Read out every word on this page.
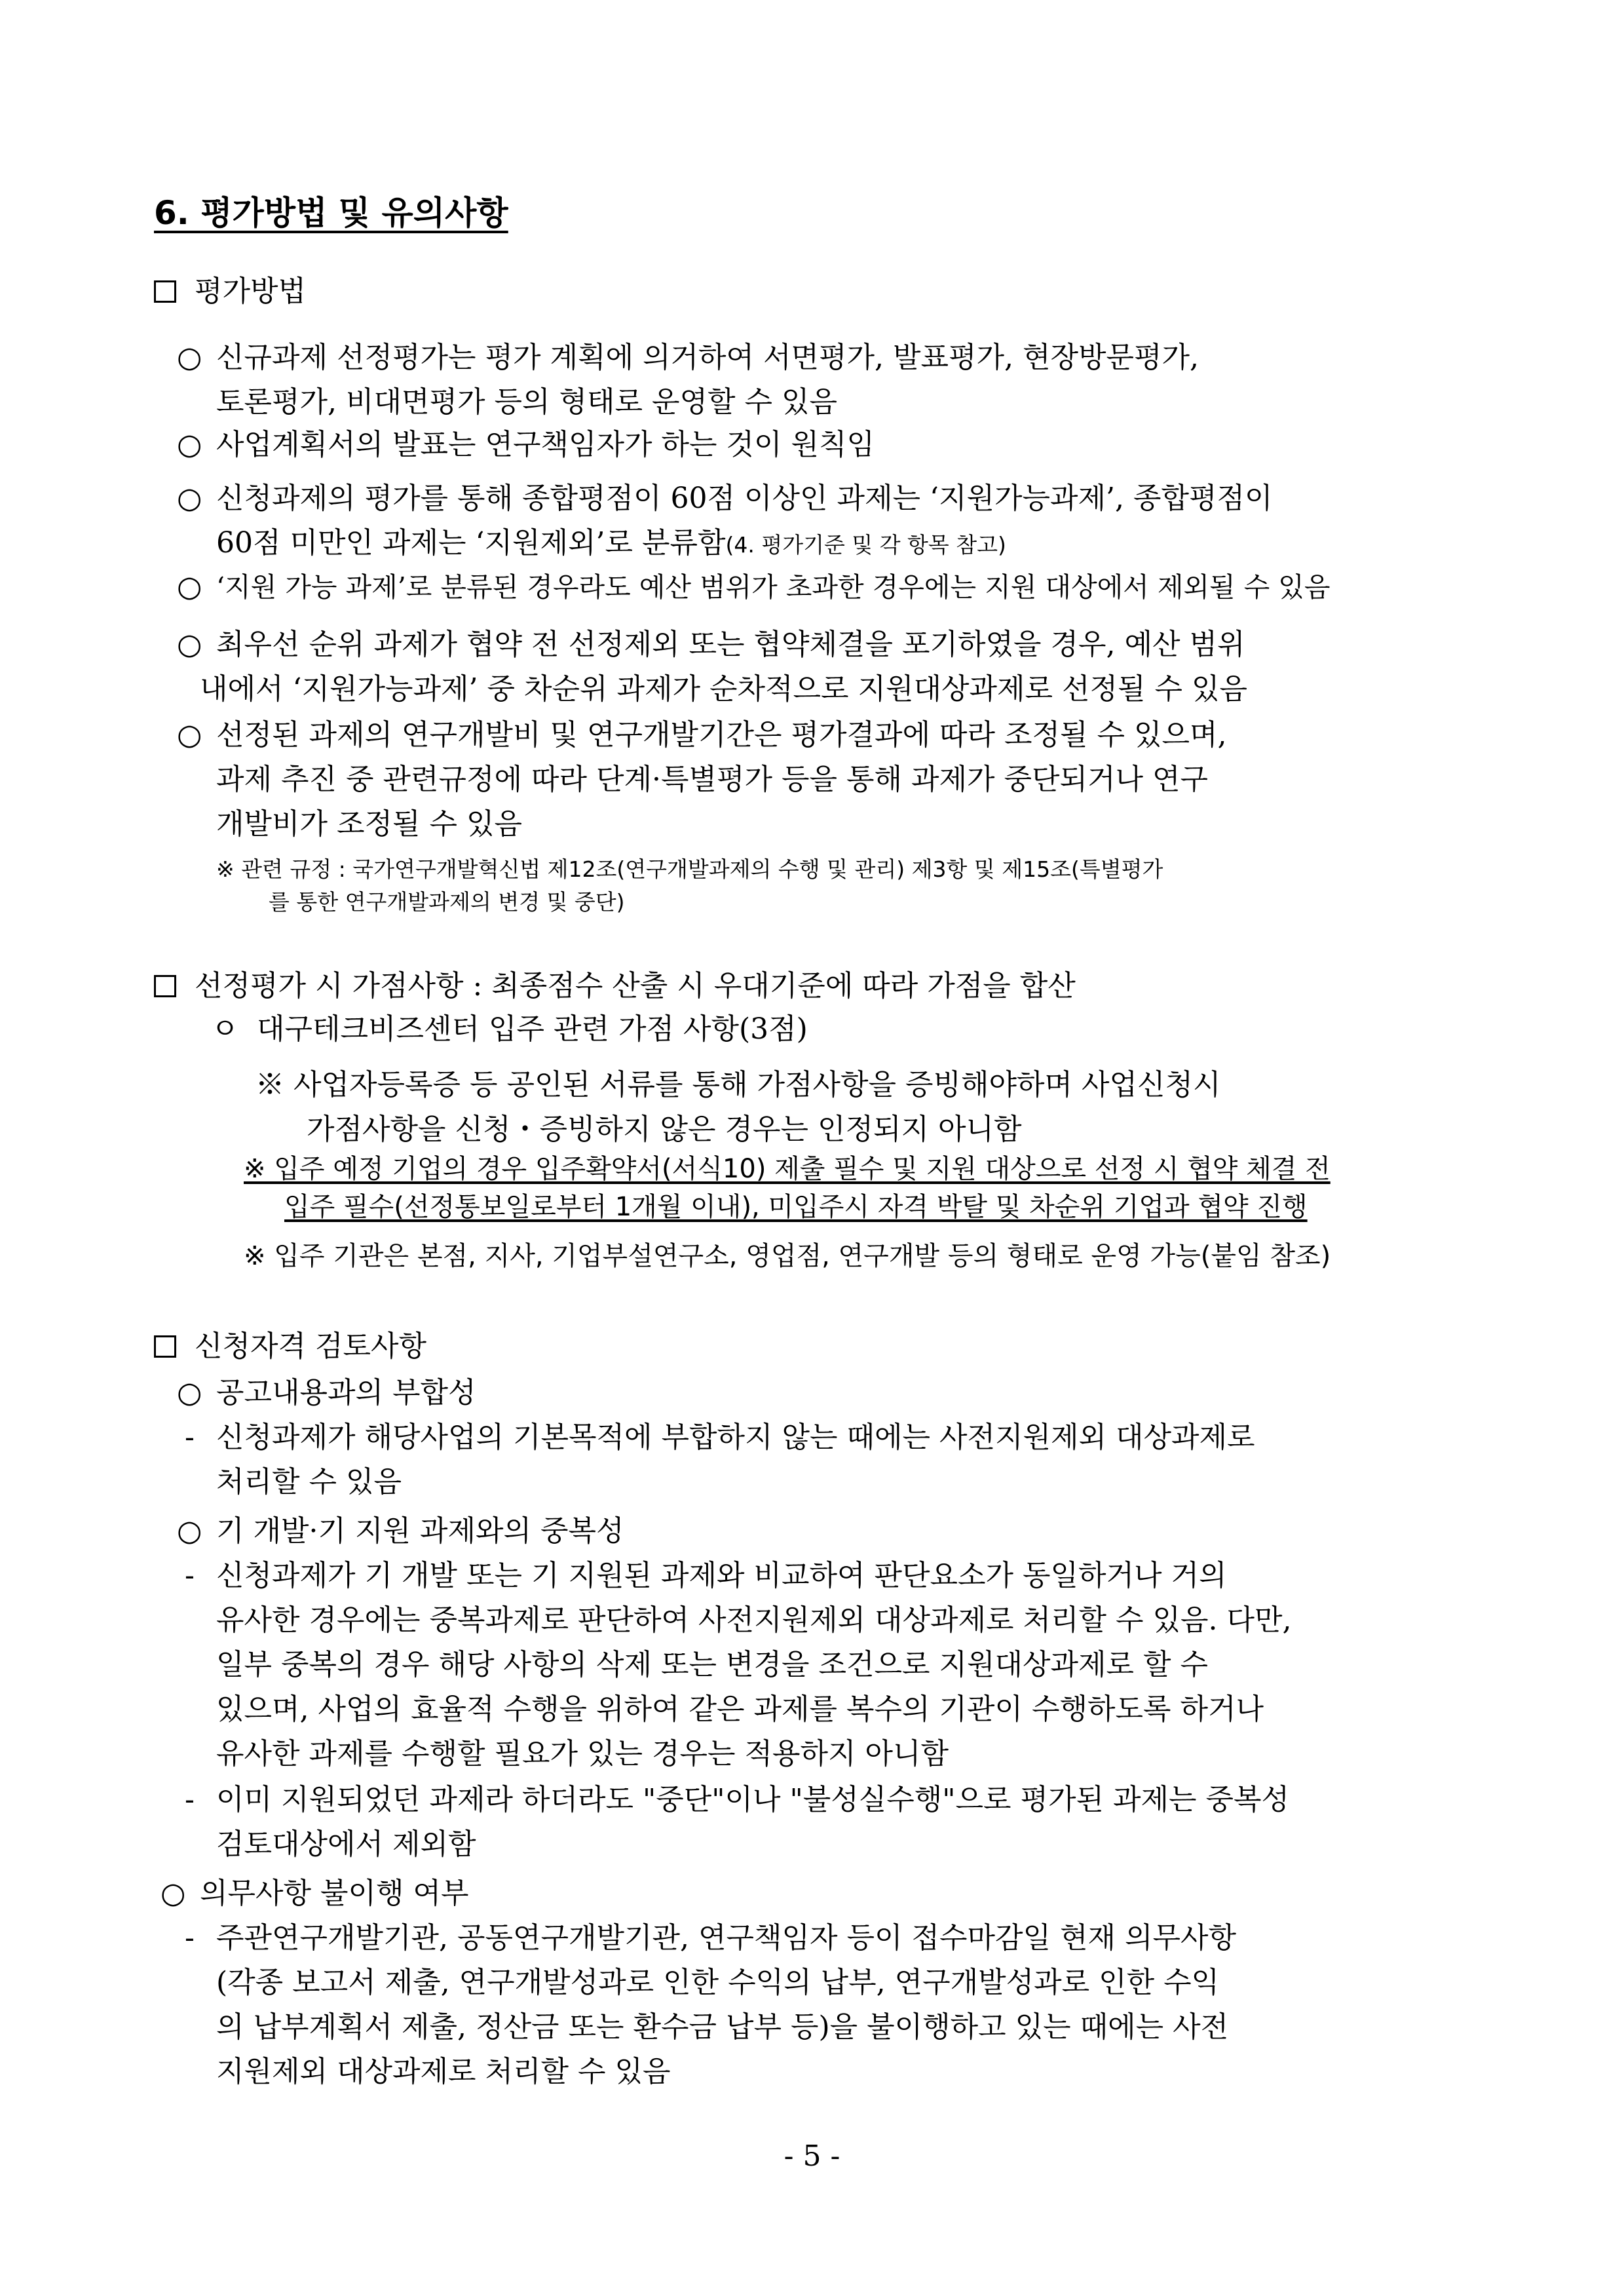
6. 평가방법 및 유의사항
평가방법
○ 신규과제 선정평가는 평가 계획에 의거하여 서면평가, 발표평가, 현장방문평가,
토론평가, 비대면평가 등의 형태로 운영할 수 있음
○ 사업계획서의 발표는 연구책임자가 하는 것이 원칙임
○ 신청과제의 평가를 통해 종합평점이 60점 이상인 과제는 ‘지원가능과제’, 종합평점이
60점 미만인 과제는 ‘지원제외’로 분류함(4. 평가기준 및 각 항목 참고)
○ ‘지원 가능 과제’로 분류된 경우라도 예산 범위가 초과한 경우에는 지원 대상에서 제외될 수 있음
○ 최우선 순위 과제가 협약 전 선정제외 또는 협약체결을 포기하였을 경우, 예산 범위
내에서 ‘지원가능과제’ 중 차순위 과제가 순차적으로 지원대상과제로 선정될 수 있음
○ 선정된 과제의 연구개발비 및 연구개발기간은 평가결과에 따라 조정될 수 있으며,
과제 추진 중 관련규정에 따라 단계·특별평가 등을 통해 과제가 중단되거나 연구
개발비가 조정될 수 있음
※ 관련 규정 : 국가연구개발혁신법 제12조(연구개발과제의 수행 및 관리) 제3항 및 제15조(특별평가
를 통한 연구개발과제의 변경 및 중단)
선정평가 시 가점사항 : 최종점수 산출 시 우대기준에 따라 가점을 합산
ㅇ 대구테크비즈센터 입주 관련 가점 사항(3점)
※ 사업자등록증 등 공인된 서류를 통해 가점사항을 증빙해야하며 사업신청시
가점사항을 신청・증빙하지 않은 경우는 인정되지 아니함
※ 입주 예정 기업의 경우 입주확약서(서식10) 제출 필수 및 지원 대상으로 선정 시 협약 체결 전
입주 필수(선정통보일로부터 1개월 이내), 미입주시 자격 박탈 및 차순위 기업과 협약 진행
※ 입주 기관은 본점, 지사, 기업부설연구소, 영업점, 연구개발 등의 형태로 운영 가능(붙임 참조)
신청자격 검토사항
○ 공고내용과의 부합성
- 신청과제가 해당사업의 기본목적에 부합하지 않는 때에는 사전지원제외 대상과제로
처리할 수 있음
○ 기 개발·기 지원 과제와의 중복성
- 신청과제가 기 개발 또는 기 지원된 과제와 비교하여 판단요소가 동일하거나 거의
유사한 경우에는 중복과제로 판단하여 사전지원제외 대상과제로 처리할 수 있음. 다만,
일부 중복의 경우 해당 사항의 삭제 또는 변경을 조건으로 지원대상과제로 할 수
있으며, 사업의 효율적 수행을 위하여 같은 과제를 복수의 기관이 수행하도록 하거나
유사한 과제를 수행할 필요가 있는 경우는 적용하지 아니함
- 이미 지원되었던 과제라 하더라도 "중단"이나 "불성실수행"으로 평가된 과제는 중복성
검토대상에서 제외함
○ 의무사항 불이행 여부
- 주관연구개발기관, 공동연구개발기관, 연구책임자 등이 접수마감일 현재 의무사항
(각종 보고서 제출, 연구개발성과로 인한 수익의 납부, 연구개발성과로 인한 수익
의 납부계획서 제출, 정산금 또는 환수금 납부 등)을 불이행하고 있는 때에는 사전
지원제외 대상과제로 처리할 수 있음
- 5 -
